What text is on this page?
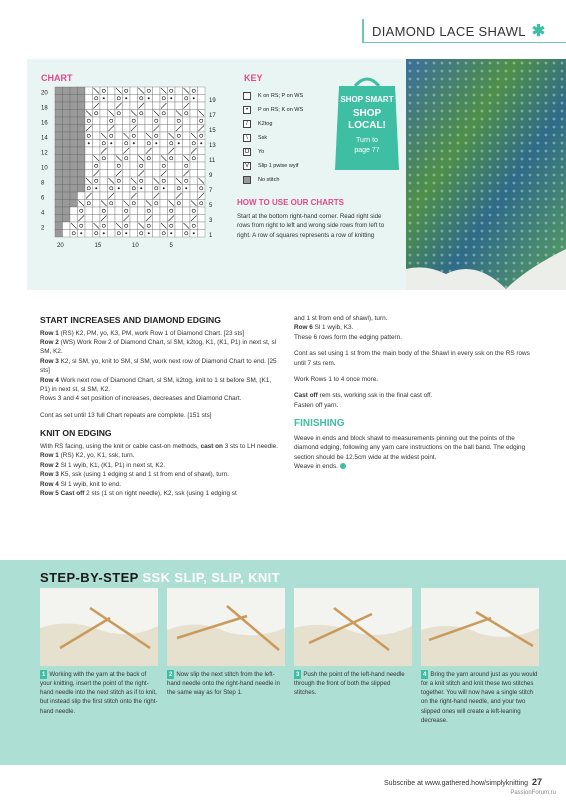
DIAMOND LACE SHAWL ✱
CHART
20
18
16
14
12
10
8
6
4
2
19
17
15
13
11
9
7
5
3
1
20	15	10	5
KEY
K on RS; P on WS
•	P on RS; K on WS
/	K2tog
\	Ssk
O	Yo
V	Slip 1 pwise wyif
No stitch
HOW TO USE OUR CHARTS
Start at the bottom right-hand corner. Read right side rows from right to left and wrong side rows from left to right. A row of squares represents a row of knitting
SHOP SMART
SHOP
LOCAL!
Turn to
page 77
START INCREASES AND DIAMOND EDGING

Row 1 (RS) K2, PM, yo, K3, PM, work Row 1 of Diamond Chart. [23 sts]
Row 2 (WS) Work Row 2 of Diamond Chart, sl SM, k2tog, K1, (K1, P1) in next st, sl SM, K2.
Row 3 K2, sl SM, yo, knit to SM, sl SM, work next row of Diamond Chart to end. [25 sts]
Row 4 Work next row of Diamond Chart, sl SM, k2tog, knit to 1 st before SM, (K1, P1) in next st, sl SM, K2.
Rows 3 and 4 set position of increases, decreases and Diamond Chart.

Cont as set until 13 full Chart repeats are complete. [151 sts]

KNIT ON EDGING

With RS facing, using the knit or cable cast-on methods, cast on 3 sts to LH needle.
Row 1 (RS) K2, yo, K1, ssk, turn.
Row 2 Sl 1 wyib, K1, (K1, P1) in next st, K2.
Row 3 K5, ssk (using 1 edging st and 1 st from end of shawl), turn.
Row 4 Sl 1 wyib, knit to end.
Row 5 Cast off 2 sts (1 st on right needle), K2, ssk (using 1 edging st

and 1 st from end of shawl), turn.
Row 6 Sl 1 wyib, K3.
These 6 rows form the edging pattern.

Cont as set using 1 st from the main body of the Shawl in every ssk on the RS rows until 7 sts rem.

Work Rows 1 to 4 once more.

Cast off rem sts, working ssk in the final cast off.
Fasten off yarn.

FINISHING

Weave in ends and block shawl to measurements pinning out the points of the diamond edging, following any yarn care instructions on the ball band. The edging section should be 12.5cm wide at the widest point.
Weave in ends.

STEP-BY-STEP SSK SLIP, SLIP, KNIT
1 Working with the yarn at the back of your knitting, insert the point of the right-hand needle into the next stitch as if to knit, but instead slip the first stitch onto the right-hand needle.
2 Now slip the next stitch from the left-hand needle onto the right-hand needle in the same way as for Step 1.
3 Push the point of the left-hand needle through the front of both the slipped stitches.
4 Bring the yarn around just as you would for a knit stitch and knit these two stitches together. You will now have a single stitch on the right-hand needle, and your two slipped ones will create a left-leaning decrease.
Subscribe at www.gathered.how/simplyknitting 27
PassionForum.ru
